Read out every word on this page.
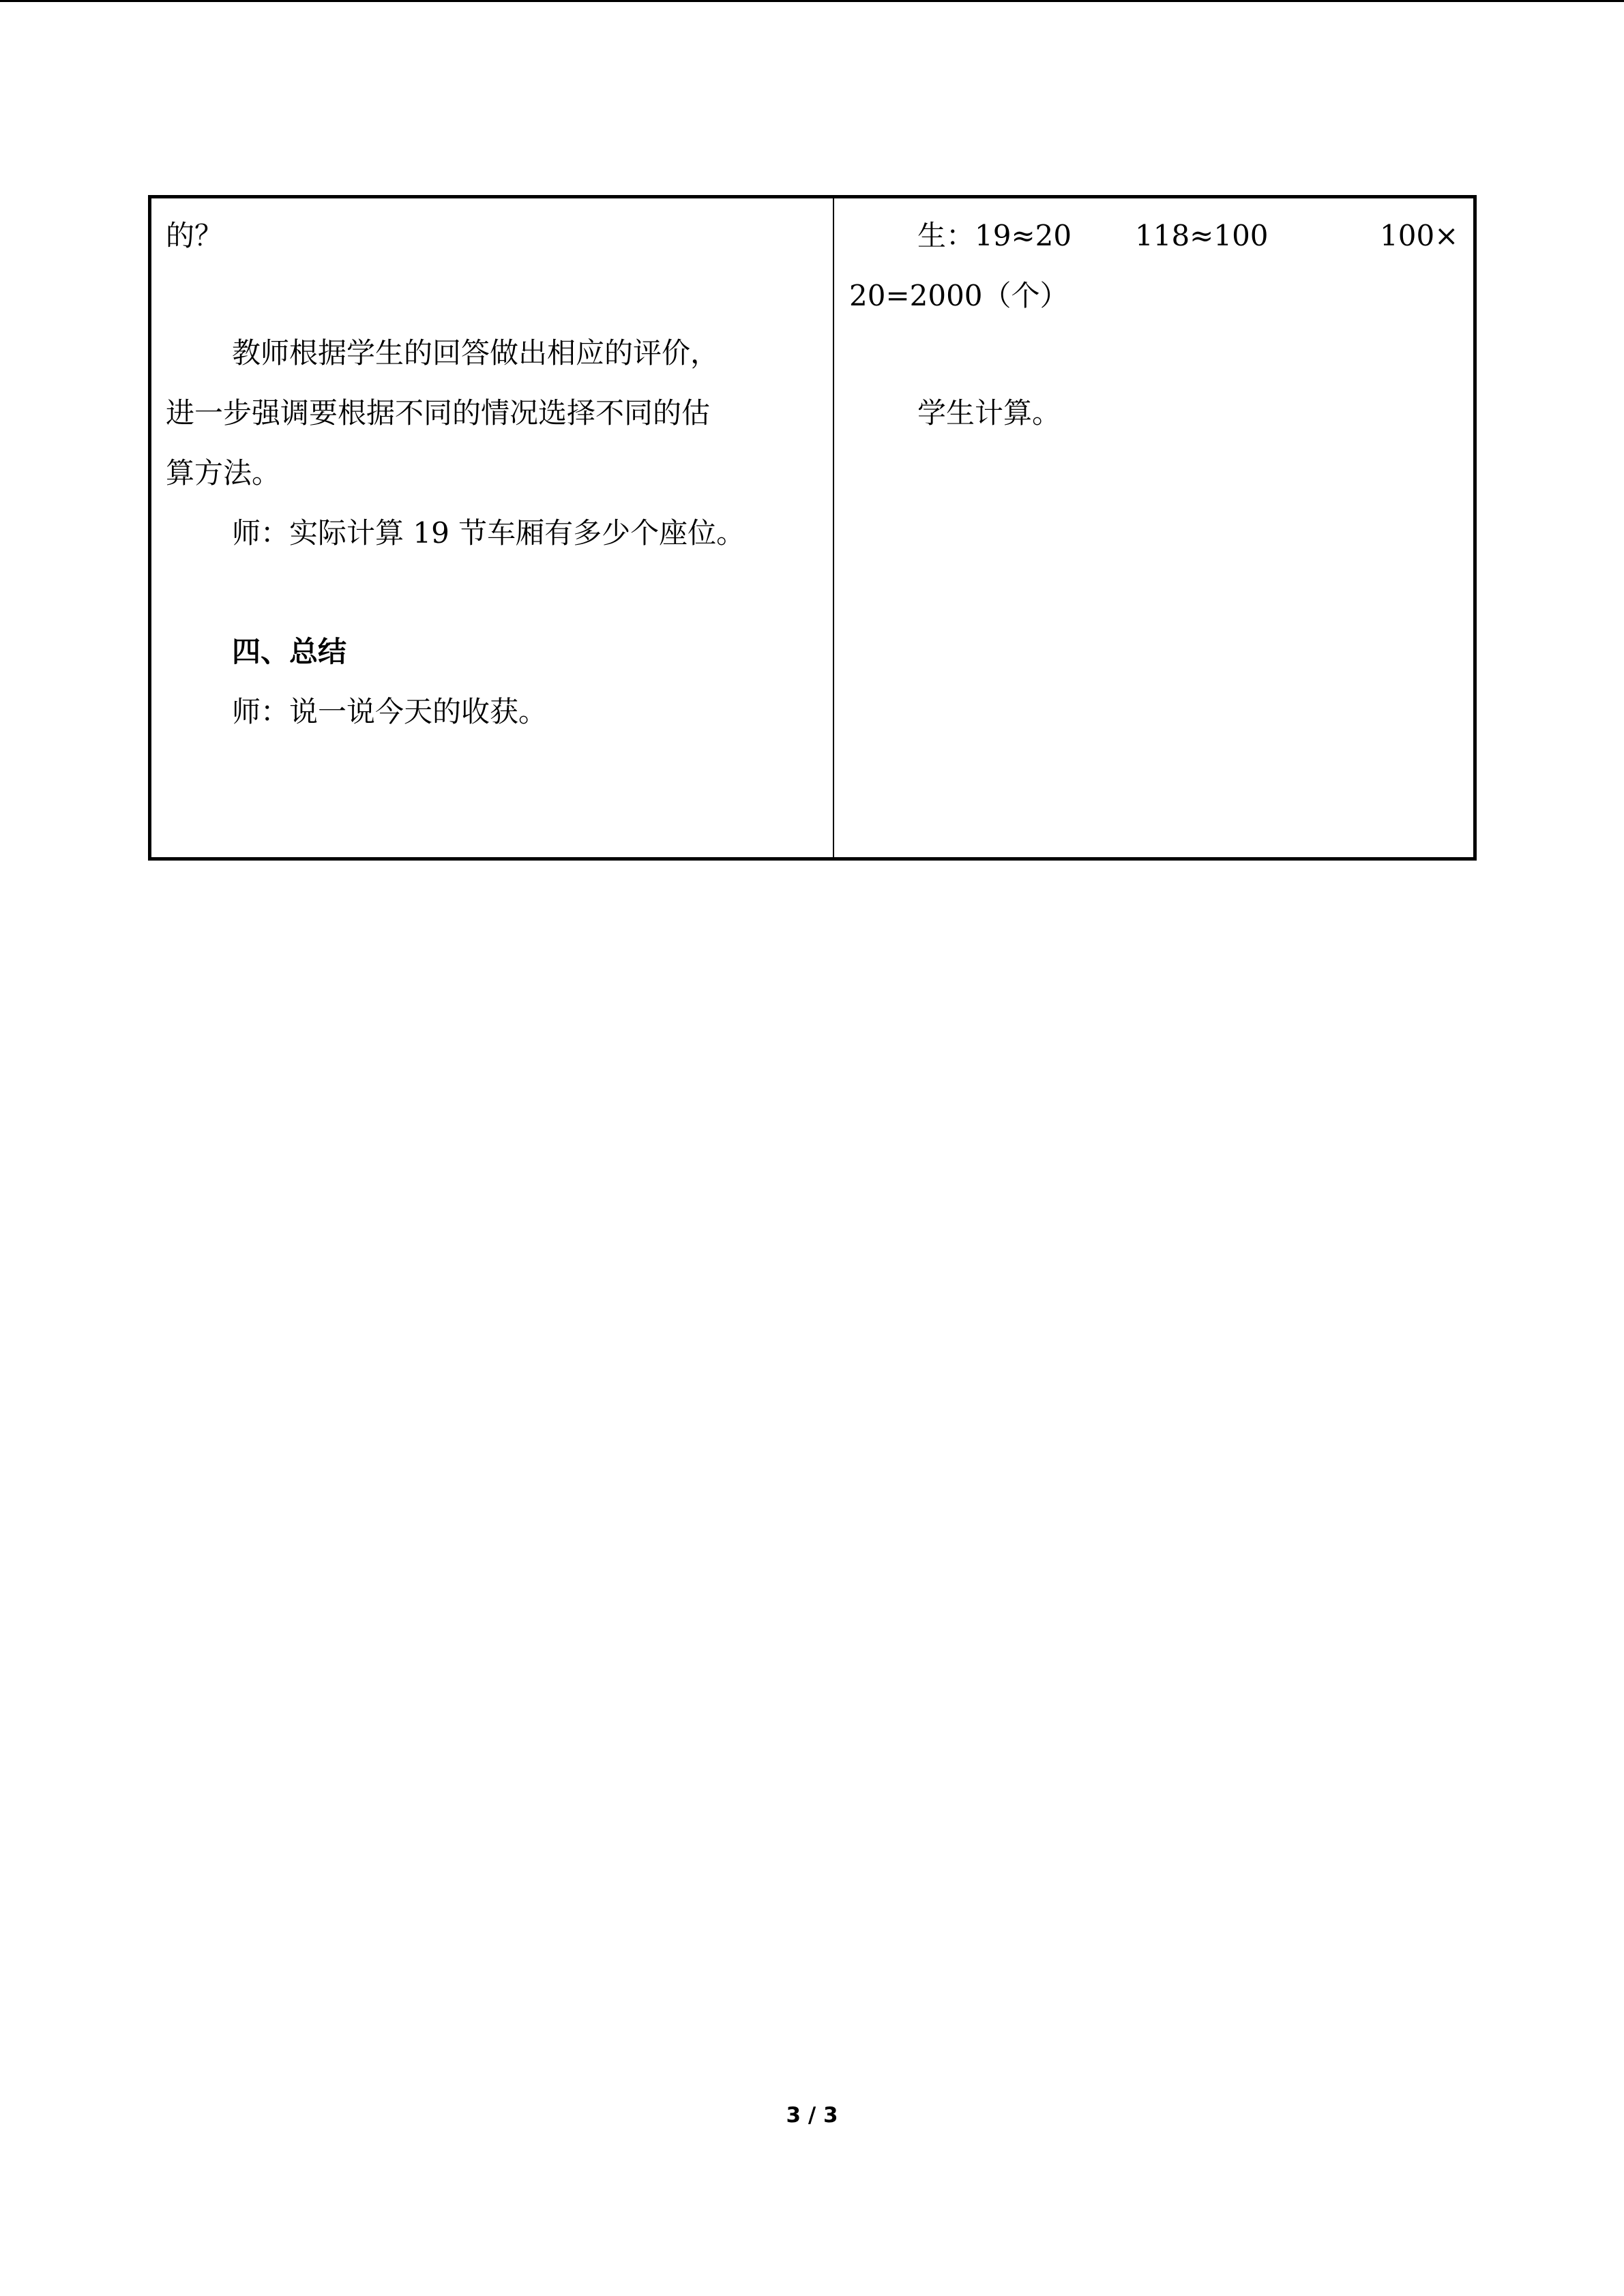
的？
教师根据学生的回答做出相应的评价，
进一步强调要根据不同的情况选择不同的估
算方法。
师：实际计算 19 节车厢有多少个座位。
四、总结
师：说一说今天的收获。
生：19≈20 118≈100	100×
20=2000（个）
学生计算。
3 / 3
